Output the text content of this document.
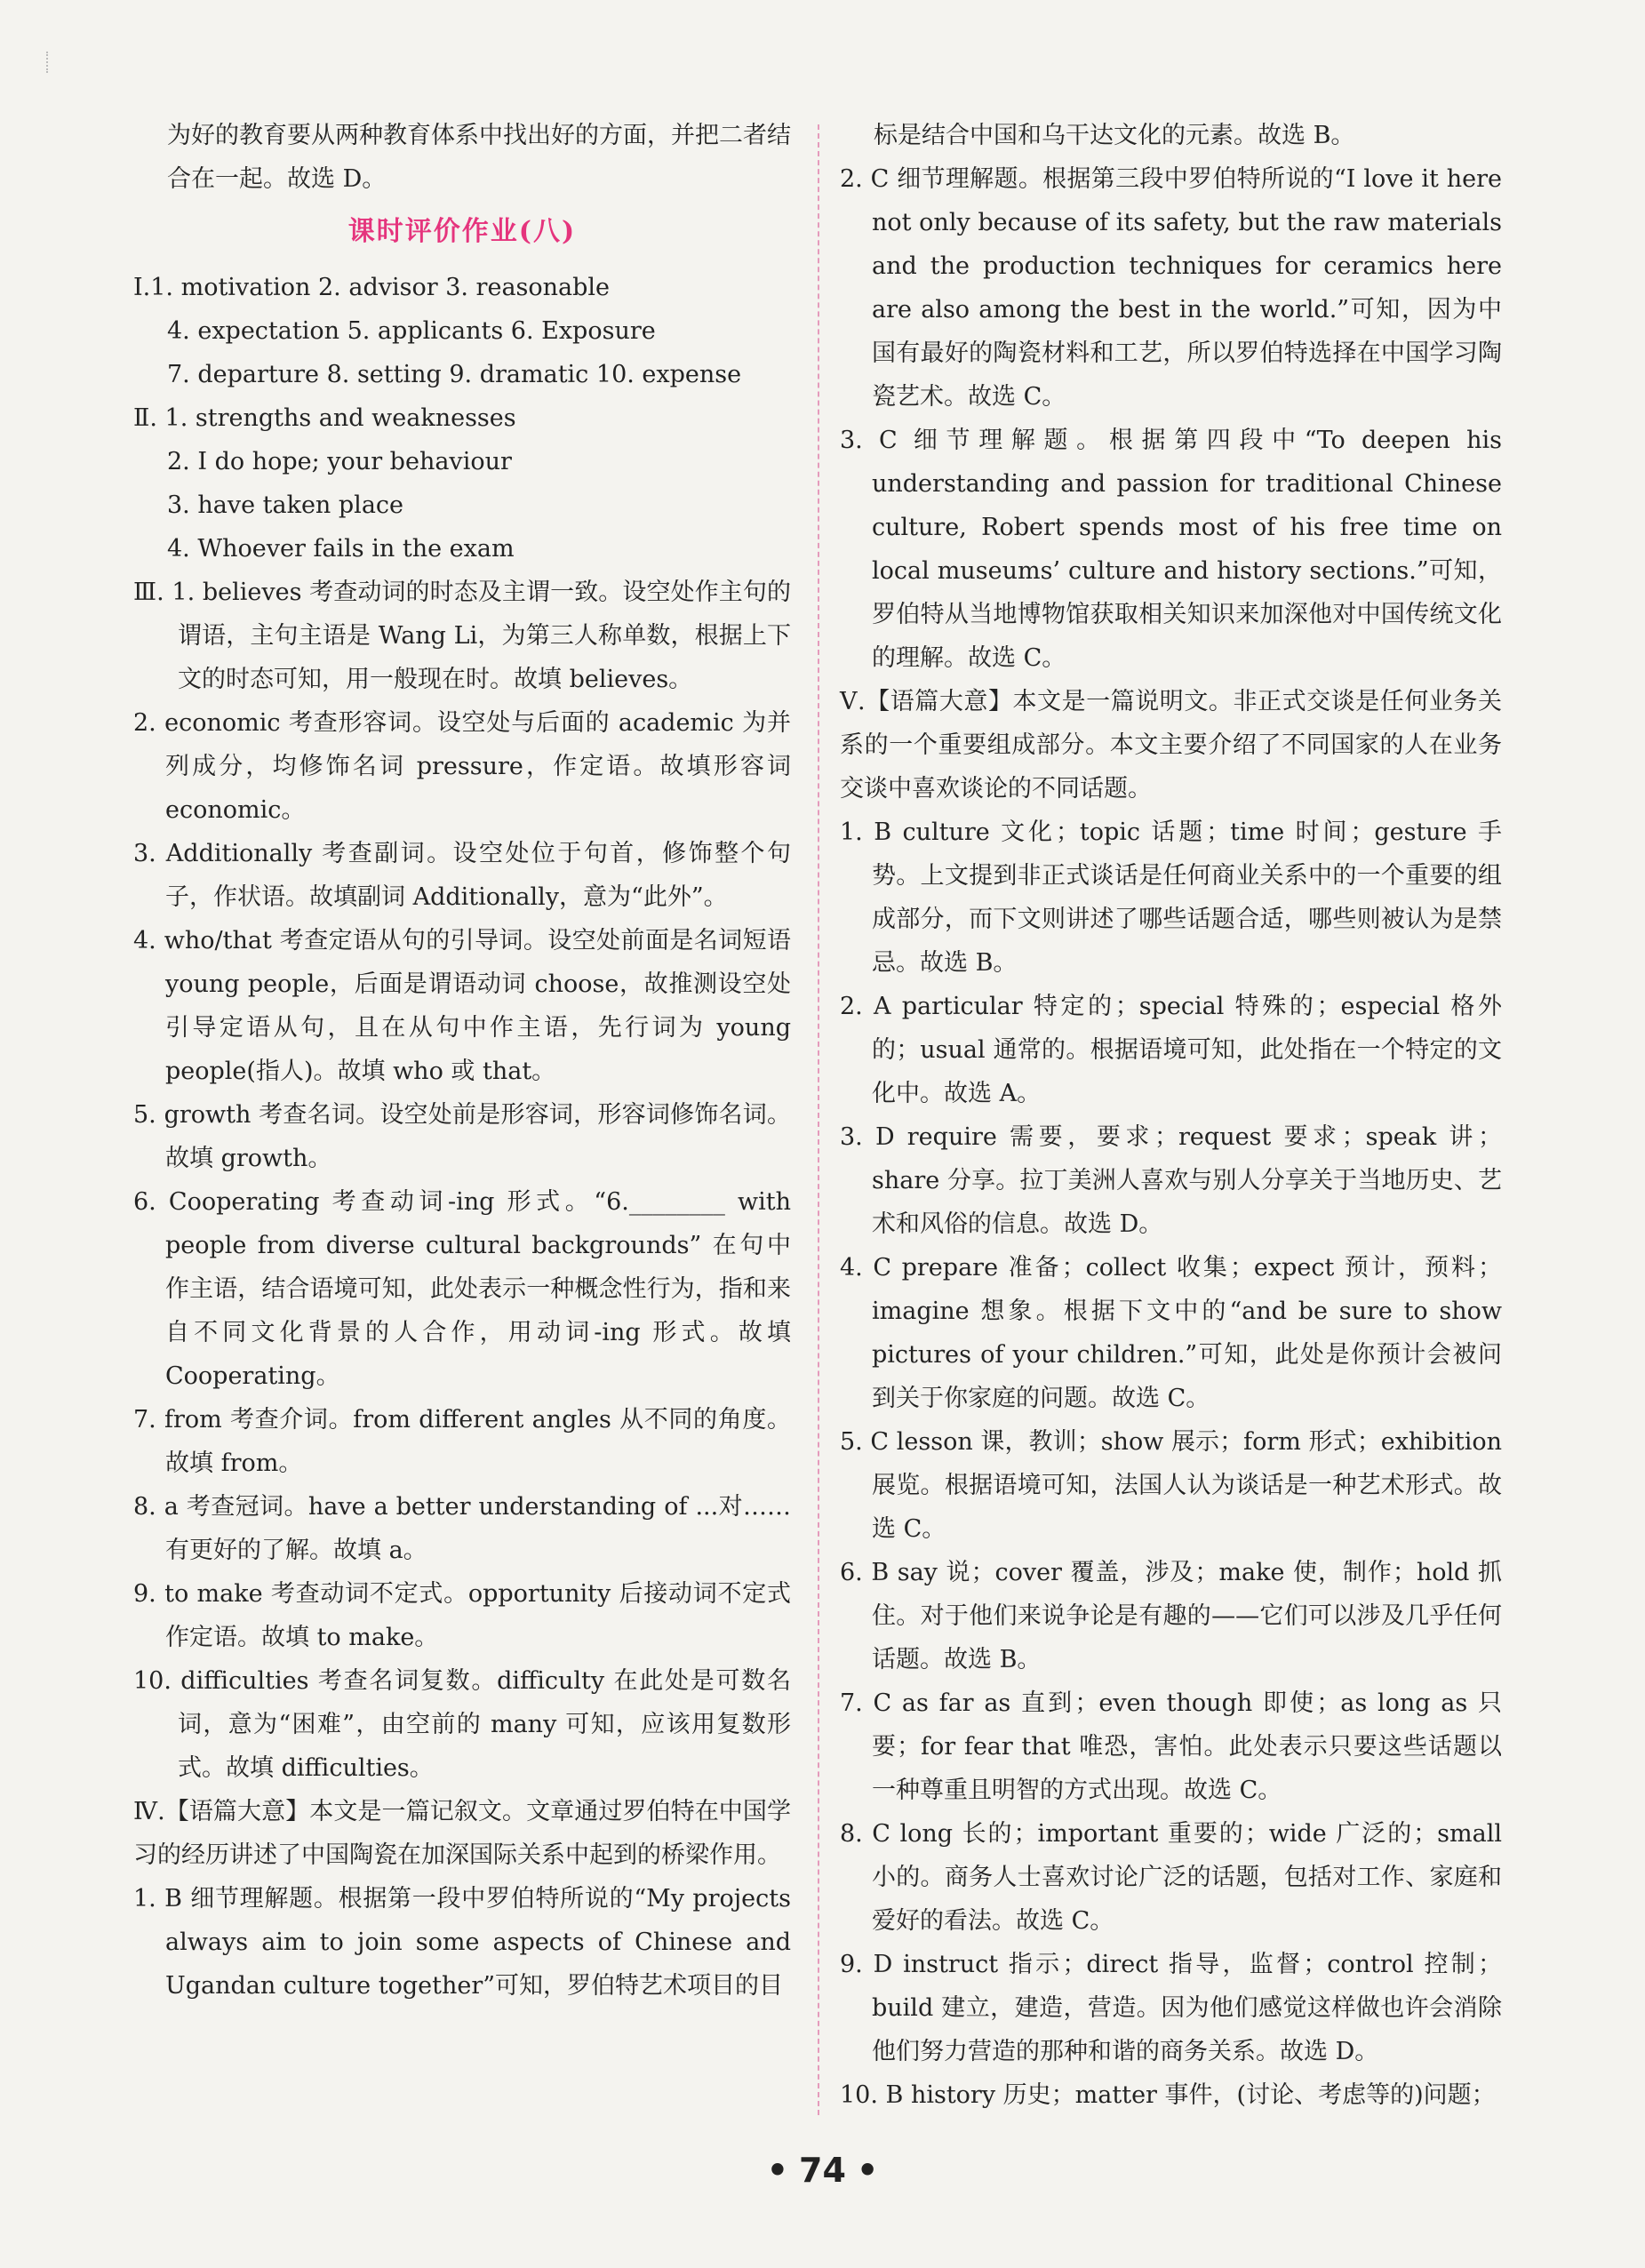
为好的教育要从两种教育体系中找出好的方面，并把二者结合在一起。故选 D。

课时评价作业(八)
Ⅰ.1. motivation 2. advisor 3. reasonable
4. expectation 5. applicants 6. Exposure
7. departure 8. setting 9. dramatic 10. expense
Ⅱ. 1. strengths and weaknesses
2. I do hope; your behaviour
3. have taken place
4. Whoever fails in the exam

Ⅲ. 1. believes 考查动词的时态及主谓一致。设空处作主句的谓语，主句主语是 Wang Li，为第三人称单数，根据上下文的时态可知，用一般现在时。故填 believes。

2. economic 考查形容词。设空处与后面的 academic 为并列成分，均修饰名词 pressure，作定语。故填形容词 economic。

3. Additionally 考查副词。设空处位于句首，修饰整个句子，作状语。故填副词 Additionally，意为“此外”。

4. who/that 考查定语从句的引导词。设空处前面是名词短语 young people，后面是谓语动词 choose，故推测设空处引导定语从句，且在从句中作主语，先行词为 young people(指人)。故填 who 或 that。

5. growth 考查名词。设空处前是形容词，形容词修饰名词。故填 growth。

6. Cooperating 考查动词-ing 形式。“6.________ with people from diverse cultural backgrounds” 在句中作主语，结合语境可知，此处表示一种概念性行为，指和来自不同文化背景的人合作，用动词-ing 形式。故填 Cooperating。

7. from 考查介词。from different angles 从不同的角度。故填 from。

8. a 考查冠词。have a better understanding of ...对……有更好的了解。故填 a。

9. to make 考查动词不定式。opportunity 后接动词不定式作定语。故填 to make。

10. difficulties 考查名词复数。difficulty 在此处是可数名词，意为“困难”，由空前的 many 可知，应该用复数形式。故填 difficulties。

Ⅳ.【语篇大意】本文是一篇记叙文。文章通过罗伯特在中国学习的经历讲述了中国陶瓷在加深国际关系中起到的桥梁作用。

1. B 细节理解题。根据第一段中罗伯特所说的“My projects always aim to join some aspects of Chinese and Ugandan culture together”可知，罗伯特艺术项目的目

标是结合中国和乌干达文化的元素。故选 B。

2. C 细节理解题。根据第三段中罗伯特所说的“I love it here not only because of its safety, but the raw materials and the production techniques for ceramics here are also among the best in the world.”可知，因为中国有最好的陶瓷材料和工艺，所以罗伯特选择在中国学习陶瓷艺术。故选 C。

3. C 细节理解题。根据第四段中“To deepen his understanding and passion for traditional Chinese culture, Robert spends most of his free time on local museums’ culture and history sections.”可知，罗伯特从当地博物馆获取相关知识来加深他对中国传统文化的理解。故选 C。

Ⅴ.【语篇大意】本文是一篇说明文。非正式交谈是任何业务关系的一个重要组成部分。本文主要介绍了不同国家的人在业务交谈中喜欢谈论的不同话题。

1. B culture 文化；topic 话题；time 时间；gesture 手势。上文提到非正式谈话是任何商业关系中的一个重要的组成部分，而下文则讲述了哪些话题合适，哪些则被认为是禁忌。故选 B。

2. A particular 特定的；special 特殊的；especial 格外的；usual 通常的。根据语境可知，此处指在一个特定的文化中。故选 A。

3. D require 需要，要求；request 要求；speak 讲；share 分享。拉丁美洲人喜欢与别人分享关于当地历史、艺术和风俗的信息。故选 D。

4. C prepare 准备；collect 收集；expect 预计，预料；imagine 想象。根据下文中的“and be sure to show pictures of your children.”可知，此处是你预计会被问到关于你家庭的问题。故选 C。

5. C lesson 课，教训；show 展示；form 形式；exhibition 展览。根据语境可知，法国人认为谈话是一种艺术形式。故选 C。

6. B say 说；cover 覆盖，涉及；make 使，制作；hold 抓住。对于他们来说争论是有趣的——它们可以涉及几乎任何话题。故选 B。

7. C as far as 直到；even though 即使；as long as 只要；for fear that 唯恐，害怕。此处表示只要这些话题以一种尊重且明智的方式出现。故选 C。

8. C long 长的；important 重要的；wide 广泛的；small 小的。商务人士喜欢讨论广泛的话题，包括对工作、家庭和爱好的看法。故选 C。

9. D instruct 指示；direct 指导，监督；control 控制；build 建立，建造，营造。因为他们感觉这样做也许会消除他们努力营造的那种和谐的商务关系。故选 D。

10. B history 历史；matter 事件，(讨论、考虑等的)问题；

• 74 •
